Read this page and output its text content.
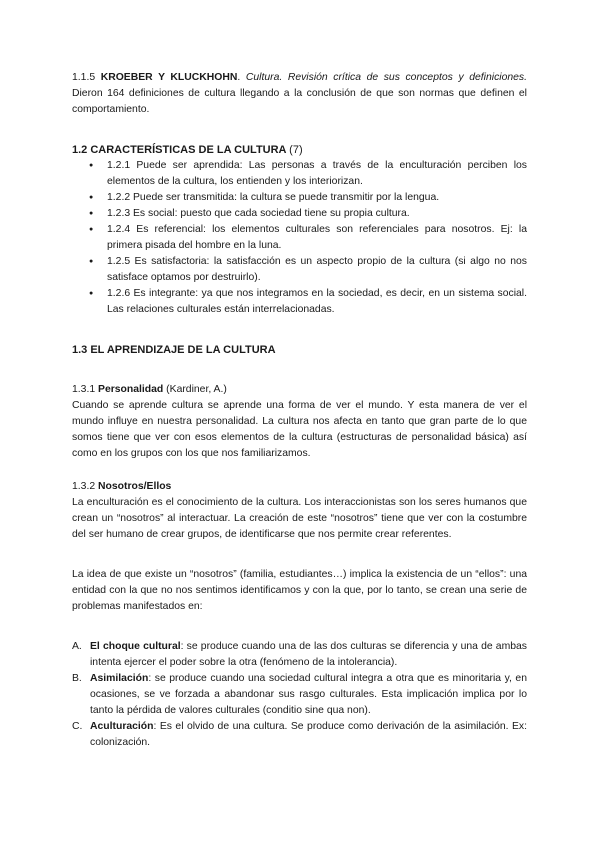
1.1.5 KROEBER Y KLUCKHOHN. Cultura. Revisión crítica de sus conceptos y definiciones. Dieron 164 definiciones de cultura llegando a la conclusión de que son normas que definen el comportamiento.

1.2 CARACTERÍSTICAS DE LA CULTURA (7)
● 1.2.1 Puede ser aprendida: Las personas a través de la enculturación perciben los elementos de la cultura, los entienden y los interiorizan.
● 1.2.2 Puede ser transmitida: la cultura se puede transmitir por la lengua.
● 1.2.3 Es social: puesto que cada sociedad tiene su propia cultura.
● 1.2.4 Es referencial: los elementos culturales son referenciales para nosotros. Ej: la primera pisada del hombre en la luna.
● 1.2.5 Es satisfactoria: la satisfacción es un aspecto propio de la cultura (si algo no nos satisface optamos por destruirlo).
● 1.2.6 Es integrante: ya que nos integramos en la sociedad, es decir, en un sistema social. Las relaciones culturales están interrelacionadas.
1.3 EL APRENDIZAJE DE LA CULTURA

1.3.1 Personalidad (Kardiner, A.)

Cuando se aprende cultura se aprende una forma de ver el mundo. Y esta manera de ver el mundo influye en nuestra personalidad. La cultura nos afecta en tanto que gran parte de lo que somos tiene que ver con esos elementos de la cultura (estructuras de personalidad básica) así como en los grupos con los que nos familiarizamos.

1.3.2 Nosotros/Ellos

La enculturación es el conocimiento de la cultura. Los interaccionistas son los seres humanos que crean un “nosotros” al interactuar. La creación de este “nosotros” tiene que ver con la costumbre del ser humano de crear grupos, de identificarse que nos permite crear referentes.

La idea de que existe un “nosotros” (familia, estudiantes…) implica la existencia de un “ellos”: una entidad con la que no nos sentimos identificamos y con la que, por lo tanto, se crean una serie de problemas manifestados en:

A. El choque cultural: se produce cuando una de las dos culturas se diferencia y una de ambas intenta ejercer el poder sobre la otra (fenómeno de la intolerancia).
B. Asimilación: se produce cuando una sociedad cultural integra a otra que es minoritaria y, en ocasiones, se ve forzada a abandonar sus rasgo culturales. Esta implicación implica por lo tanto la pérdida de valores culturales (conditio sine qua non).
C. Aculturación: Es el olvido de una cultura. Se produce como derivación de la asimilación. Ex: colonización.
